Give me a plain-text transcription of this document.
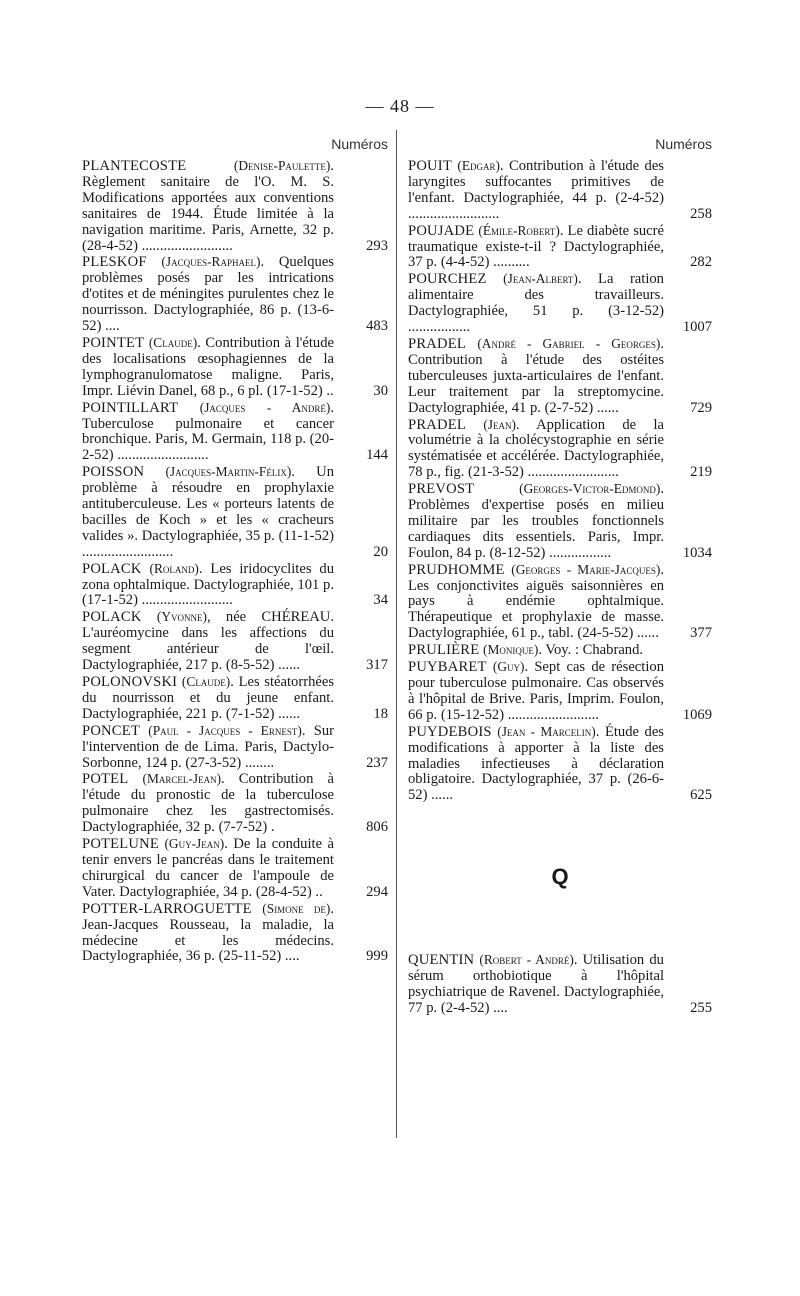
— 48 —
Numéros
PLANTECOSTE	(Denise-Paulette). Règlement sanitaire de l'O. M. S. Modifications apportées aux conventions sanitaires de 1944. Étude limitée à la navigation maritime. Paris, Arnette, 32 p. (28-4-52) .........................	293
PLESKOF (Jacques-Raphael). Quelques problèmes posés par les intrications d'otites et de méningites purulentes chez le nourrisson. Dactylographiée, 86 p. (13-6-52) ....	483
POINTET (Claude). Contribution à l'étude des localisations œsophagiennes de la lymphogranulomatose maligne. Paris, Impr. Liévin Danel, 68 p., 6 pl. (17-1-52) ..	30
POINTILLART (Jacques - André). Tuberculose pulmonaire et cancer bronchique. Paris, M. Germain, 118 p. (20-2-52) .........................	144
POISSON (Jacques-Martin-Félix). Un problème à résoudre en prophylaxie antituberculeuse. Les « porteurs latents de bacilles de Koch » et les « cracheurs valides ». Dactylographiée, 35 p. (11-1-52) .........................	20
POLACK (Roland). Les iridocyclites du zona ophtalmique. Dactylographiée, 101 p. (17-1-52) .........................	34
POLACK (Yvonne), née CHÉREAU. L'auréomycine dans les affections du segment antérieur de l'œil. Dactylographiée, 217 p. (8-5-52) ......	317
POLONOVSKI (Claude). Les stéatorrhées du nourrisson et du jeune enfant. Dactylographiée, 221 p. (7-1-52) ......	18
PONCET (Paul - Jacques - Ernest). Sur l'intervention de de Lima. Paris, Dactylo-Sorbonne, 124 p. (27-3-52) ........	237
POTEL (Marcel-Jean). Contribution à l'étude du pronostic de la tuberculose pulmonaire chez les gastrectomisés. Dactylographiée, 32 p. (7-7-52) .	806
POTELUNE (Guy-Jean). De la conduite à tenir envers le pancréas dans le traitement chirurgical du cancer de l'ampoule de Vater. Dactylographiée, 34 p. (28-4-52) ..	294
POTTER-LARROGUETTE (Simone de). Jean-Jacques Rousseau, la maladie, la médecine et les médecins. Dactylographiée, 36 p. (25-11-52) ....	999
Numéros
POUIT (Edgar). Contribution à l'étude des laryngites suffocantes primitives de l'enfant. Dactylographiée, 44 p. (2-4-52) .........................	258
POUJADE (Émile-Robert). Le diabète sucré traumatique existe-t-il ? Dactylographiée, 37 p. (4-4-52) ..........	282
POURCHEZ (Jean-Albert). La ration alimentaire des travailleurs. Dactylographiée, 51 p. (3-12-52) .................	1007
PRADEL (André - Gabriel - Georges). Contribution à l'étude des ostéites tuberculeuses juxta-articulaires de l'enfant. Leur traitement par la streptomycine. Dactylographiée, 41 p. (2-7-52) ......	729
PRADEL (Jean). Application de la volumétrie à la cholécystographie en série systématisée et accélérée. Dactylographiée, 78 p., fig. (21-3-52) .........................	219
PREVOST	(Georges-Victor-Edmond). Problèmes d'expertise posés en milieu militaire par les troubles fonctionnels cardiaques dits essentiels. Paris, Impr. Foulon, 84 p. (8-12-52) .................	1034
PRUDHOMME (Georges - Marie-Jacques). Les conjonctivites aiguës saisonnières en pays à endémie ophtalmique. Thérapeutique et prophylaxie de masse. Dactylographiée, 61 p., tabl. (24-5-52) ......	377
PRULIÈRE (Monique). Voy. : Chabrand.
PUYBARET (Guy). Sept cas de résection pour tuberculose pulmonaire. Cas observés à l'hôpital de Brive. Paris, Imprim. Foulon, 66 p. (15-12-52) .........................	1069
PUYDEBOIS (Jean - Marcelin). Étude des modifications à apporter à la liste des maladies infectieuses à déclaration obligatoire. Dactylographiée, 37 p. (26-6-52) ......	625
Q
QUENTIN (Robert - André). Utilisation du sérum orthobiotique à l'hôpital psychiatrique de Ravenel. Dactylographiée, 77 p. (2-4-52) ....	255
